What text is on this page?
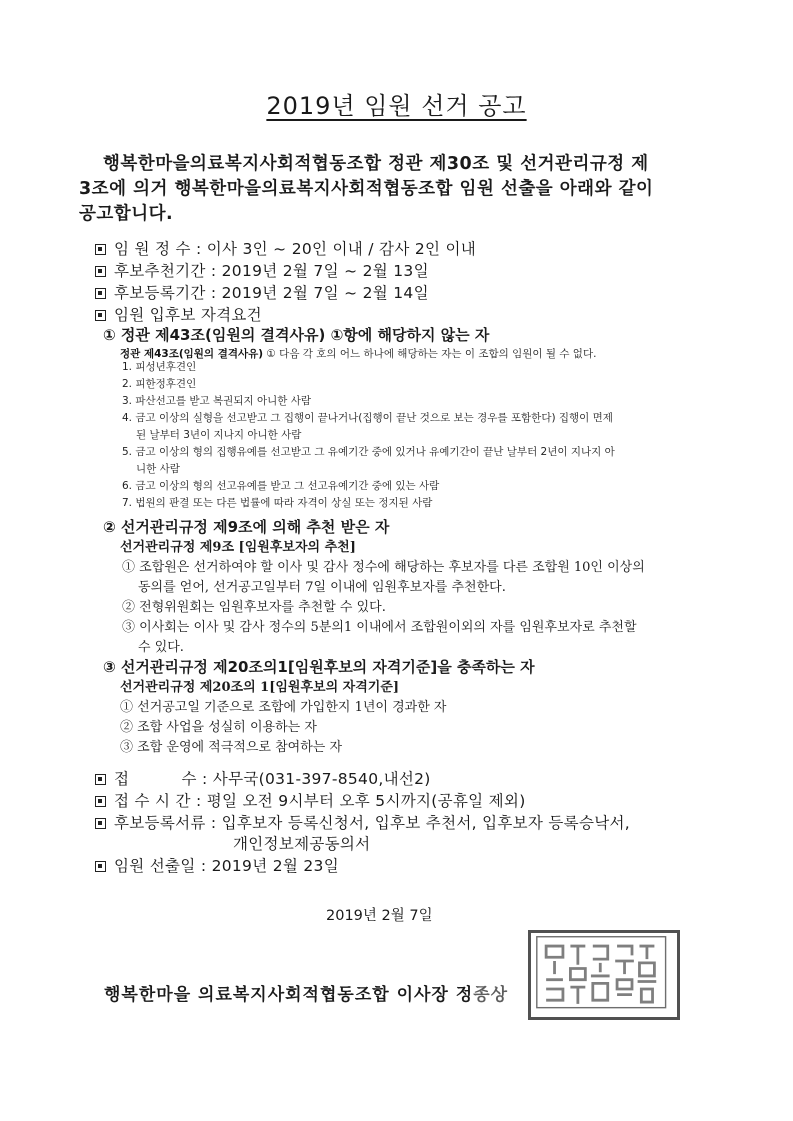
2019년 임원 선거 공고
행복한마을의료복지사회적협동조합 정관 제30조 및 선거관리규정 제
3조에 의거 행복한마을의료복지사회적협동조합 임원 선출을 아래와 같이
공고합니다.
임 원 정 수 : 이사 3인 ~ 20인 이내 / 감사 2인 이내
후보추천기간 : 2019년 2월 7일 ~ 2월 13일
후보등록기간 : 2019년 2월 7일 ~ 2월 14일
임원 입후보 자격요건
① 정관 제43조(임원의 결격사유) ①항에 해당하지 않는 자
정관 제43조(임원의 결격사유) ① 다음 각 호의 어느 하나에 해당하는 자는 이 조합의 임원이 될 수 없다.
1. 피성년후견인
2. 피한정후견인
3. 파산선고를 받고 복권되지 아니한 사람
4. 금고 이상의 실형을 선고받고 그 집행이 끝나거나(집행이 끝난 것으로 보는 경우를 포함한다) 집행이 면제
된 날부터 3년이 지나지 아니한 사람
5. 금고 이상의 형의 집행유예를 선고받고 그 유예기간 중에 있거나 유예기간이 끝난 날부터 2년이 지나지 아
니한 사람
6. 금고 이상의 형의 선고유예를 받고 그 선고유예기간 중에 있는 사람
7. 법원의 판결 또는 다른 법률에 따라 자격이 상실 또는 정지된 사람
② 선거관리규정 제9조에 의해 추천 받은 자
선거관리규정 제9조 [임원후보자의 추천]
① 조합원은 선거하여야 할 이사 및 감사 정수에 해당하는 후보자를 다른 조합원 10인 이상의
동의를 얻어, 선거공고일부터 7일 이내에 임원후보자를 추천한다.
② 전형위원회는 임원후보자를 추천할 수 있다.
③ 이사회는 이사 및 감사 정수의 5분의1 이내에서 조합원이외의 자를 임원후보자로 추천할
수 있다.
③ 선거관리규정 제20조의1[임원후보의 자격기준]을 충족하는 자
선거관리규정 제20조의 1[임원후보의 자격기준]
① 선거공고일 기준으로 조합에 가입한지 1년이 경과한 자
② 조합 사업을 성실히 이용하는 자
③ 조합 운영에 적극적으로 참여하는 자
접          수 : 사무국(031-397-8540,내선2)
접 수 시 간 : 평일 오전 9시부터 오후 5시까지(공휴일 제외)
후보등록서류 : 입후보자 등록신청서, 입후보 추천서, 입후보자 등록승낙서,
개인정보제공동의서
임원 선출일 : 2019년 2월 23일
2019년 2월 7일
행복한마을 의료복지사회적협동조합 이사장 정종상
